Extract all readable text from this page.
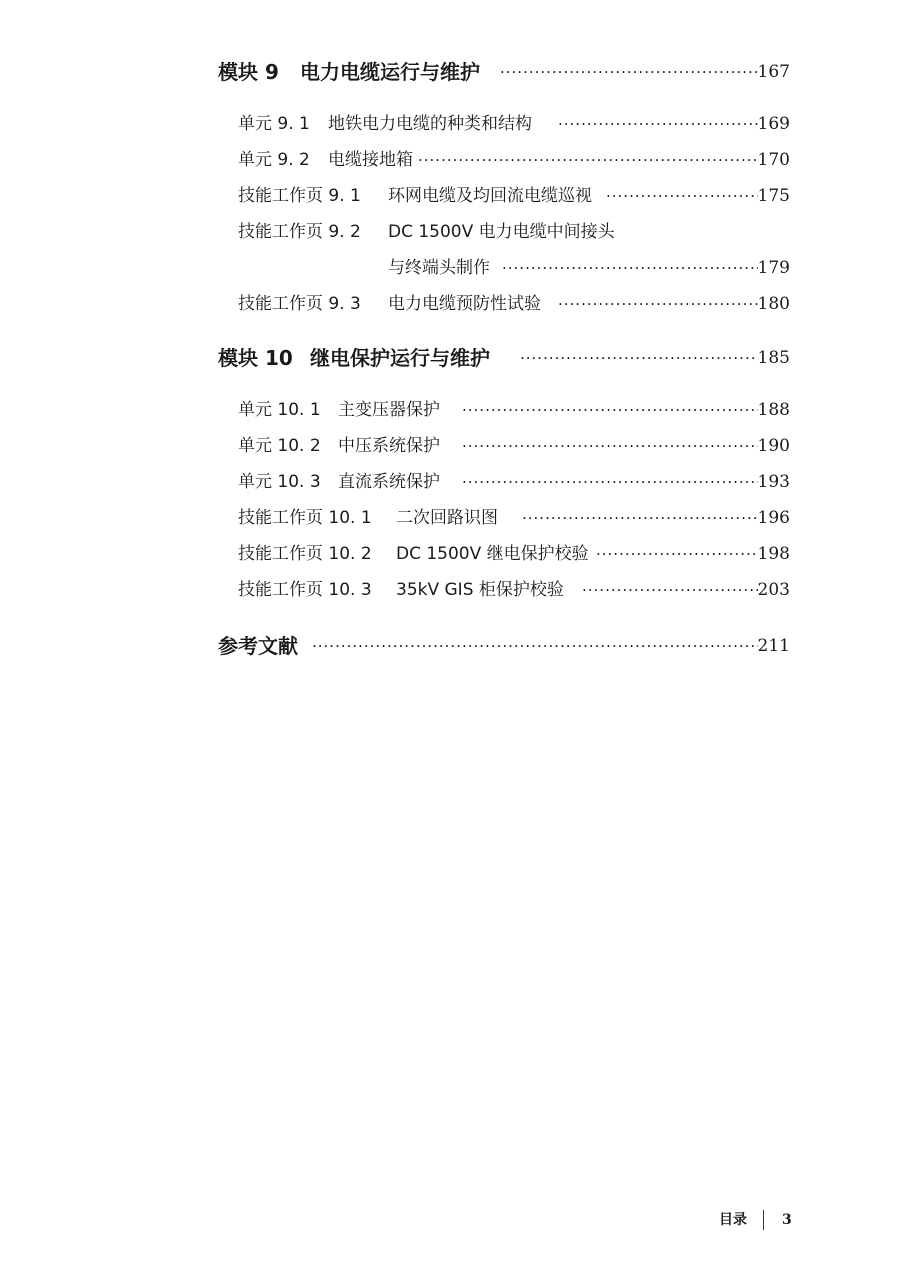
模块 9 电力电缆运行与维护 ·····	167
单元 9. 1 地铁电力电缆的种类和结构 ·····	169
单元 9. 2 电缆接地箱 ·····	170
技能工作页 9. 1 环网电缆及均回流电缆巡视 ·····	175
技能工作页 9. 2 DC 1500V 电力电缆中间接头
与终端头制作 ·····	179
技能工作页 9. 3 电力电缆预防性试验 ·····	180
模块 10 继电保护运行与维护 ·····	185
单元 10. 1 主变压器保护 ·····	188
单元 10. 2 中压系统保护 ·····	190
单元 10. 3 直流系统保护 ·····	193
技能工作页 10. 1 二次回路识图 ·····	196
技能工作页 10. 2 DC 1500V 继电保护校验 ·····	198
技能工作页 10. 3 35kV GIS 柜保护校验 ·····	203
参考文献 ·····	211
目录	3
